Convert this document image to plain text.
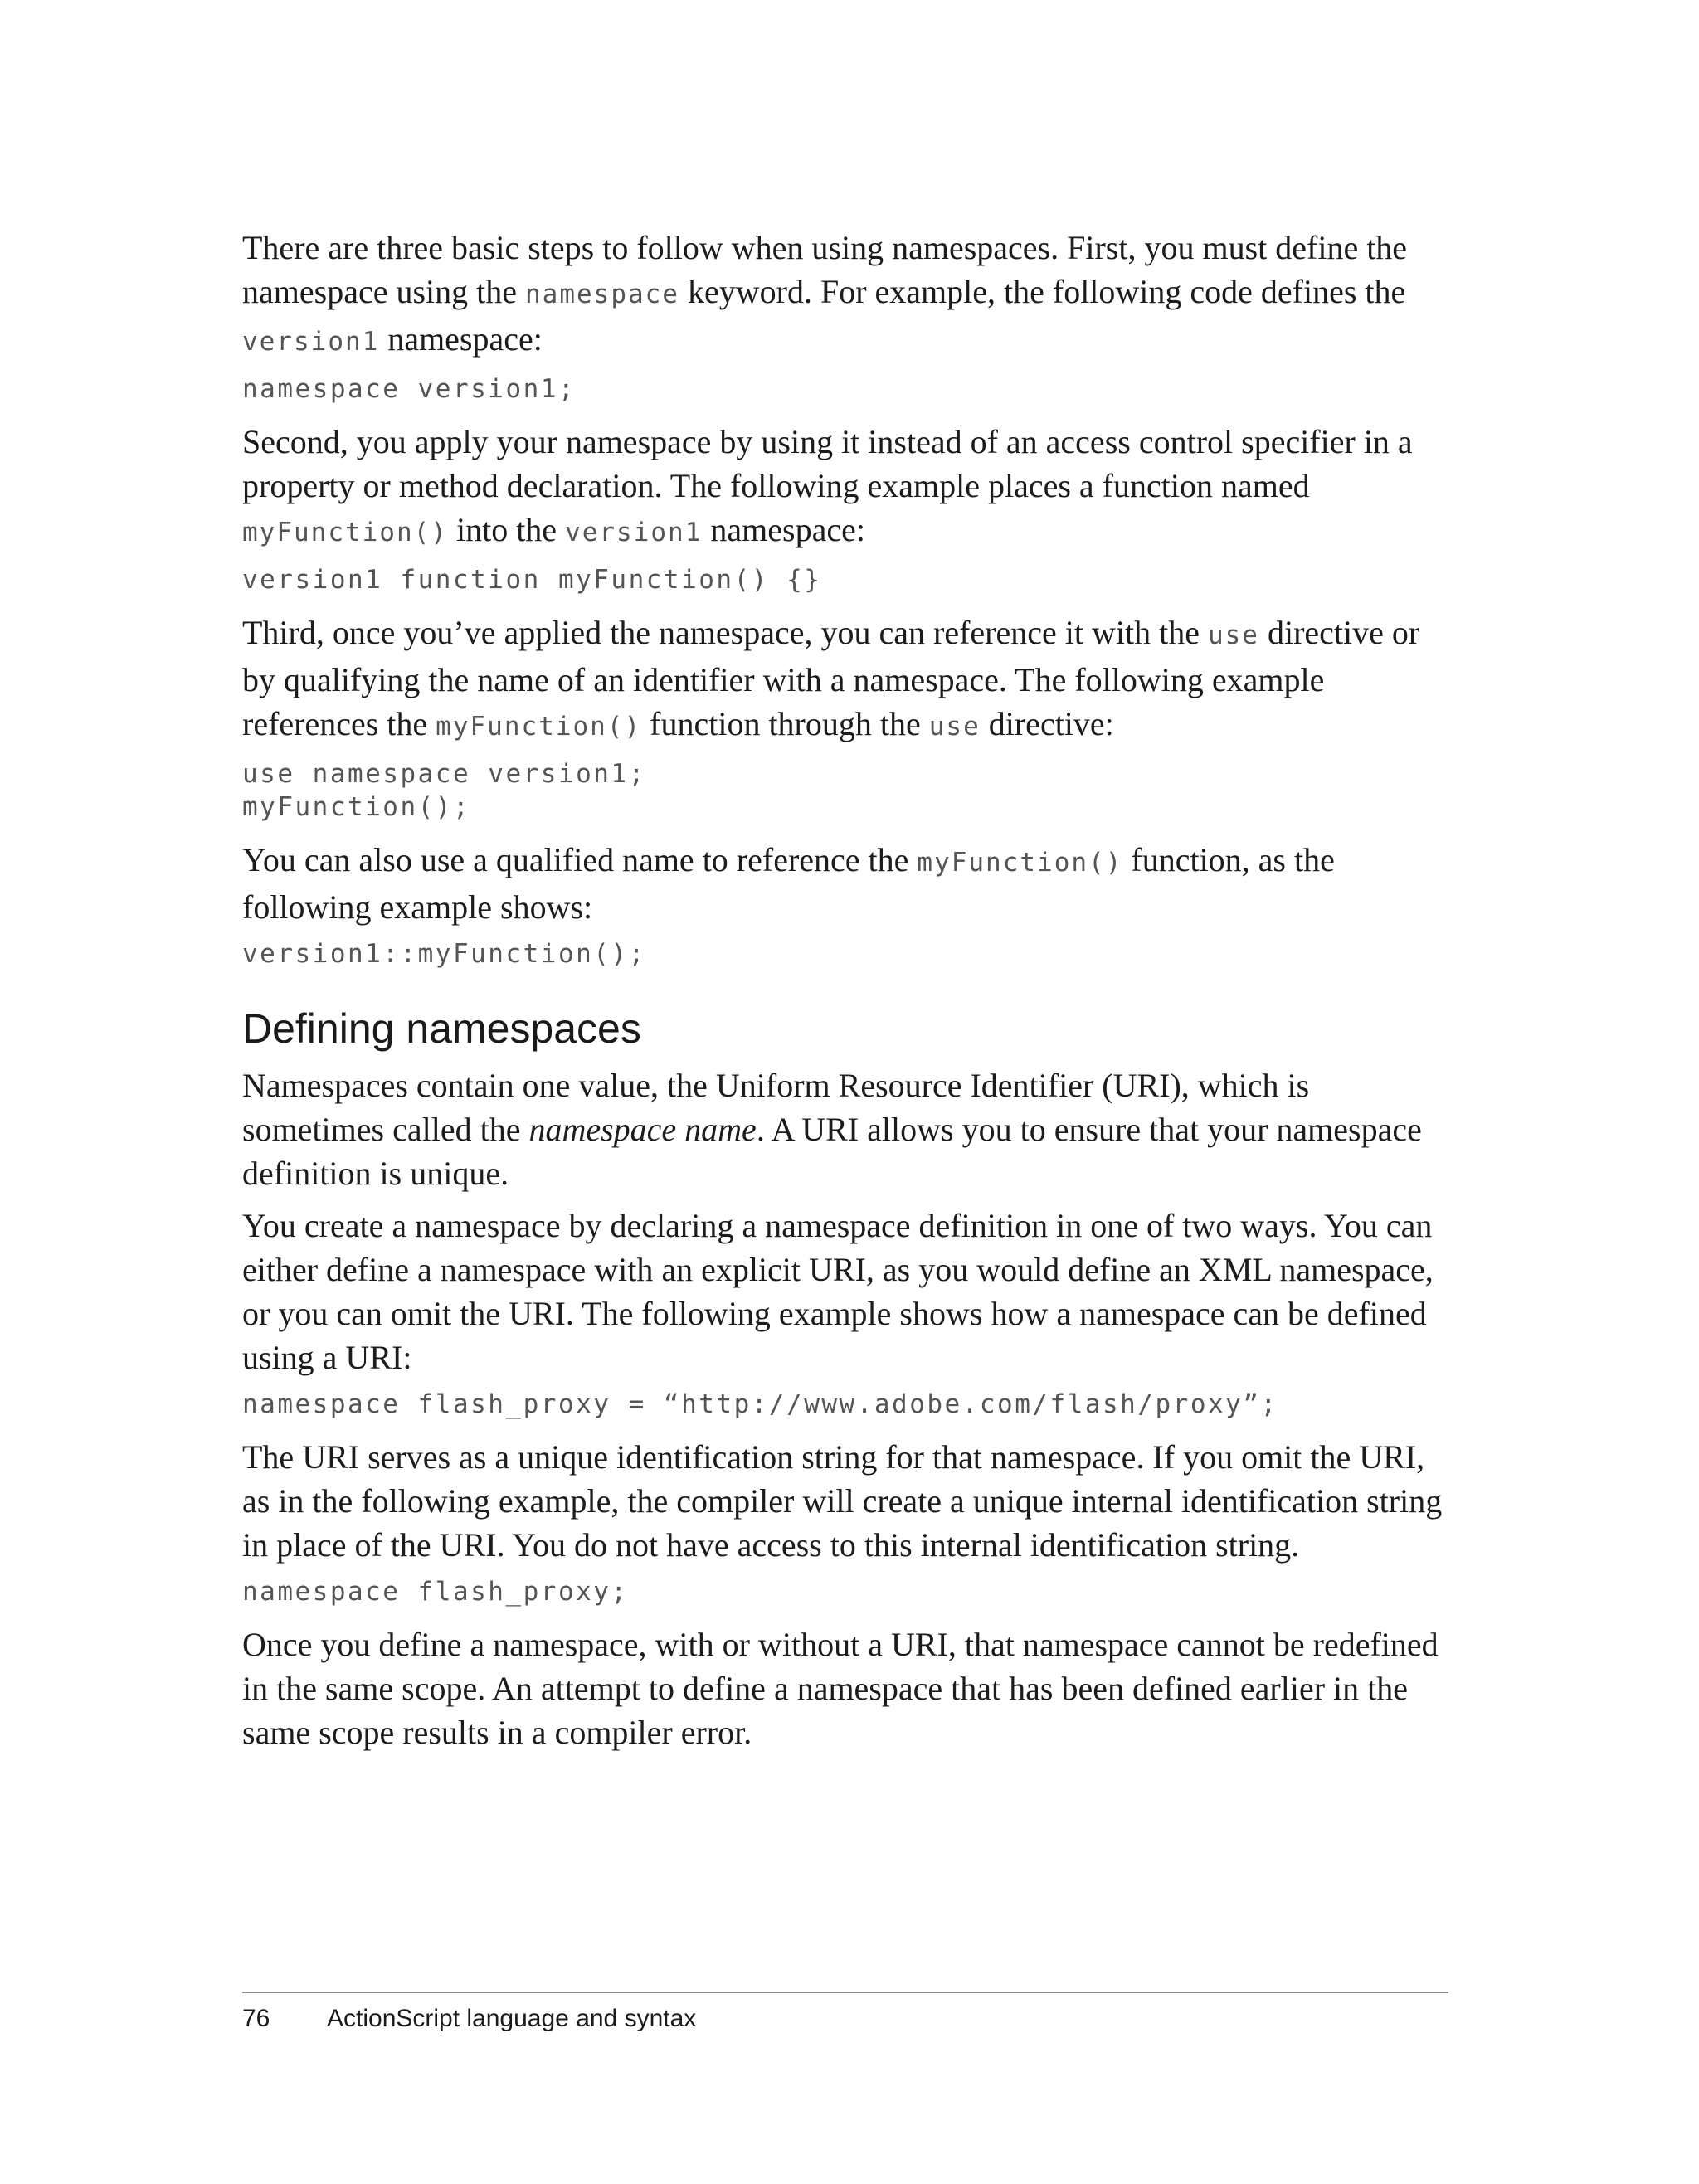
There are three basic steps to follow when using namespaces. First, you must define the namespace using the namespace keyword. For example, the following code defines the version1 namespace:

namespace version1;

Second, you apply your namespace by using it instead of an access control specifier in a property or method declaration. The following example places a function named myFunction() into the version1 namespace:

version1 function myFunction() {}

Third, once you’ve applied the namespace, you can reference it with the use directive or by qualifying the name of an identifier with a namespace. The following example references the myFunction() function through the use directive:

use namespace version1;
myFunction();

You can also use a qualified name to reference the myFunction() function, as the following example shows:

version1::myFunction();
Defining namespaces

Namespaces contain one value, the Uniform Resource Identifier (URI), which is sometimes called the namespace name. A URI allows you to ensure that your namespace definition is unique.

You create a namespace by declaring a namespace definition in one of two ways. You can either define a namespace with an explicit URI, as you would define an XML namespace, or you can omit the URI. The following example shows how a namespace can be defined using a URI:

namespace flash_proxy = “http://www.adobe.com/flash/proxy”;

The URI serves as a unique identification string for that namespace. If you omit the URI, as in the following example, the compiler will create a unique internal identification string in place of the URI. You do not have access to this internal identification string.

namespace flash_proxy;

Once you define a namespace, with or without a URI, that namespace cannot be redefined in the same scope. An attempt to define a namespace that has been defined earlier in the same scope results in a compiler error.

76 ActionScript language and syntax
